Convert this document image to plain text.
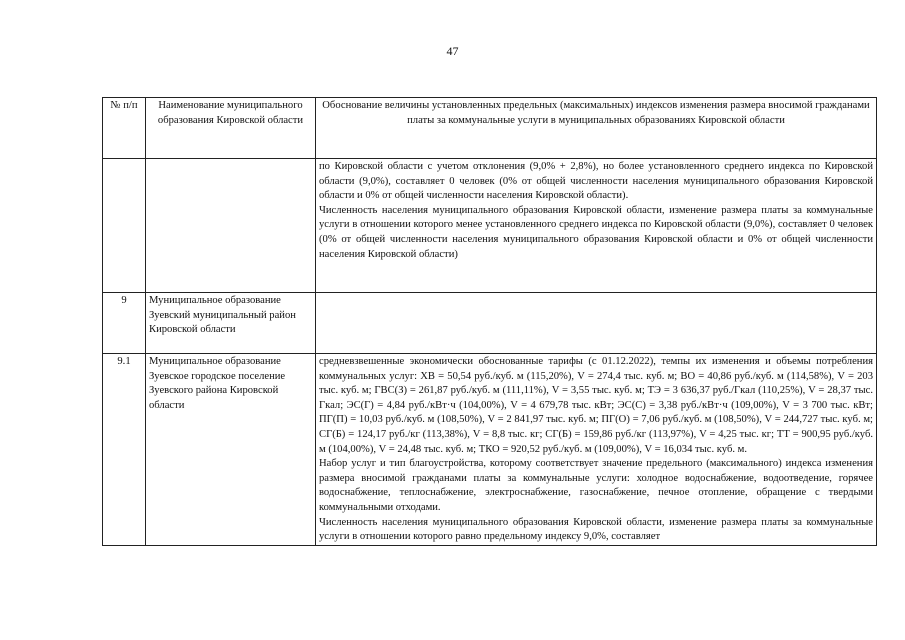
47
№ п/п	Наименование муниципального образования Кировской области	Обоснование величины установленных предельных (максимальных) индексов изменения размера вносимой гражданами платы за коммунальные услуги в муниципальных образованиях Кировской области

		по Кировской области с учетом отклонения (9,0% + 2,8%), но более установленного среднего индекса по Кировской области (9,0%), составляет 0 человек (0% от общей численности населения муниципального образования Кировской области и 0% от общей численности населения Кировской области).

Численность населения муниципального образования Кировской области, изменение размера платы за коммунальные услуги в отношении которого менее установленного среднего индекса по Кировской области (9,0%), составляет 0 человек (0% от общей численности населения муниципального образования Кировской области и 0% от общей численности населения Кировской области)

9	Муниципальное образование Зуевский муниципальный район Кировской области	
9.1	Муниципальное образование Зуевское городское поселение Зуевского района Кировской области	средневзвешенные экономически обоснованные тарифы (с 01.12.2022), темпы их изменения и объемы потребления коммунальных услуг: ХВ = 50,54 руб./куб. м (115,20%), V = 274,4 тыс. куб. м; ВО = 40,86 руб./куб. м (114,58%), V = 203 тыс. куб. м; ГВС(З) = 261,87 руб./куб. м (111,11%), V = 3,55 тыс. куб. м; ТЭ = 3 636,37 руб./Гкал (110,25%), V = 28,37 тыс. Гкал; ЭС(Г) = 4,84 руб./кВт·ч (104,00%), V = 4 679,78 тыс. кВт; ЭС(С) = 3,38 руб./кВт·ч (109,00%), V = 3 700 тыс. кВт; ПГ(П) = 10,03 руб./куб. м (108,50%), V = 2 841,97 тыс. куб. м; ПГ(О) = 7,06 руб./куб. м (108,50%), V = 244,727 тыс. куб. м; СГ(Б) = 124,17 руб./кг (113,38%), V = 8,8 тыс. кг; СГ(Б) = 159,86 руб./кг (113,97%), V = 4,25 тыс. кг; ТТ = 900,95 руб./куб. м (104,00%), V = 24,48 тыс. куб. м; ТКО = 920,52 руб./куб. м (109,00%), V = 16,034 тыс. куб. м.

Набор услуг и тип благоустройства, которому соответствует значение предельного (максимального) индекса изменения размера вносимой гражданами платы за коммунальные услуги: холодное водоснабжение, водоотведение, горячее водоснабжение, теплоснабжение, электроснабжение, газоснабжение, печное отопление, обращение с твердыми коммунальными отходами.

Численность населения муниципального образования Кировской области, изменение размера платы за коммунальные услуги в отношении которого равно предельному индексу 9,0%, составляет
